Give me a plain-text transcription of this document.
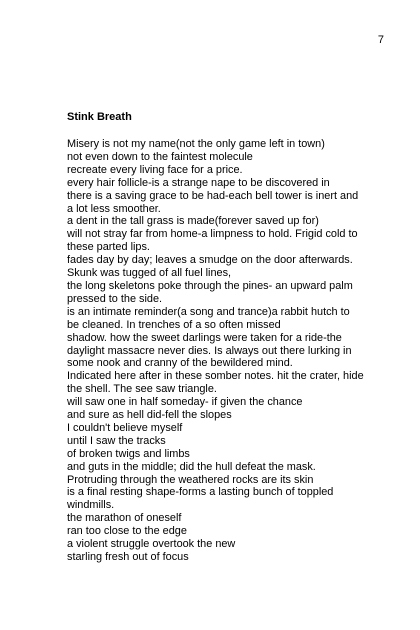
7
Stink Breath
Misery is not my name(not the only game left in town)
not even down to the faintest molecule
recreate every living face for a price.
every hair follicle-is a strange nape to be discovered in
there is a saving grace to be had-each bell tower is inert and
a lot less smoother.
a dent in the tall grass is made(forever saved up for)
will not stray far from home-a limpness to hold. Frigid cold to
these parted lips.
fades day by day; leaves a smudge on the door afterwards.
Skunk was tugged of all fuel lines,
the long skeletons poke through the pines- an upward palm
pressed to the side.
is an intimate reminder(a song and trance)a rabbit hutch to
be cleaned. In trenches of a so often missed
shadow. how the sweet darlings were taken for a ride-the
daylight massacre never dies. Is always out there lurking in
some nook and cranny of the bewildered mind.
Indicated here after in these somber notes. hit the crater, hide
the shell. The see saw triangle.
will saw one in half someday- if given the chance
and sure as hell did-fell the slopes
I couldn't believe myself
until I saw the tracks
of broken twigs and limbs
and guts in the middle; did the hull defeat the mask.
Protruding through the weathered rocks are its skin
is a final resting shape-forms a lasting bunch of toppled
windmills.
the marathon of oneself
ran too close to the edge
a violent struggle overtook the new
starling fresh out of focus
